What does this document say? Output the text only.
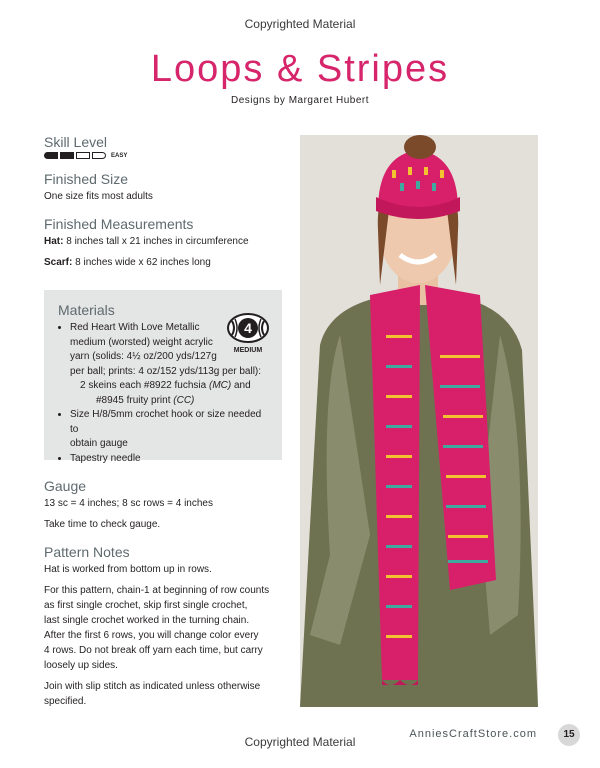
Copyrighted Material
Loops & Stripes
Designs by Margaret Hubert
Skill Level
EASY
Finished Size

One size fits most adults

Finished Measurements

Hat: 8 inches tall x 21 inches in circumference

Scarf: 8 inches wide x 62 inches long

Materials
4
MEDIUM
• Red Heart With Love Metallic
medium (worsted) weight acrylic
yarn (solids: 4½ oz/200 yds/127g
per ball; prints: 4 oz/152 yds/113g per ball):
2 skeins each #8922 fuchsia (MC) and
#8945 fruity print (CC)
• Size H/8/5mm crochet hook or size needed to
obtain gauge
• Tapestry needle
Gauge

13 sc = 4 inches; 8 sc rows = 4 inches

Take time to check gauge.

Pattern Notes

Hat is worked from bottom up in rows.

For this pattern, chain-1 at beginning of row counts
as first single crochet, skip first single crochet,
last single crochet worked in the turning chain.
After the first 6 rows, you will change color every
4 rows. Do not break off yarn each time, but carry
loosely up sides.

Join with slip stitch as indicated unless otherwise
specified.

AnniesCraftStore.com	15
Copyrighted Material
